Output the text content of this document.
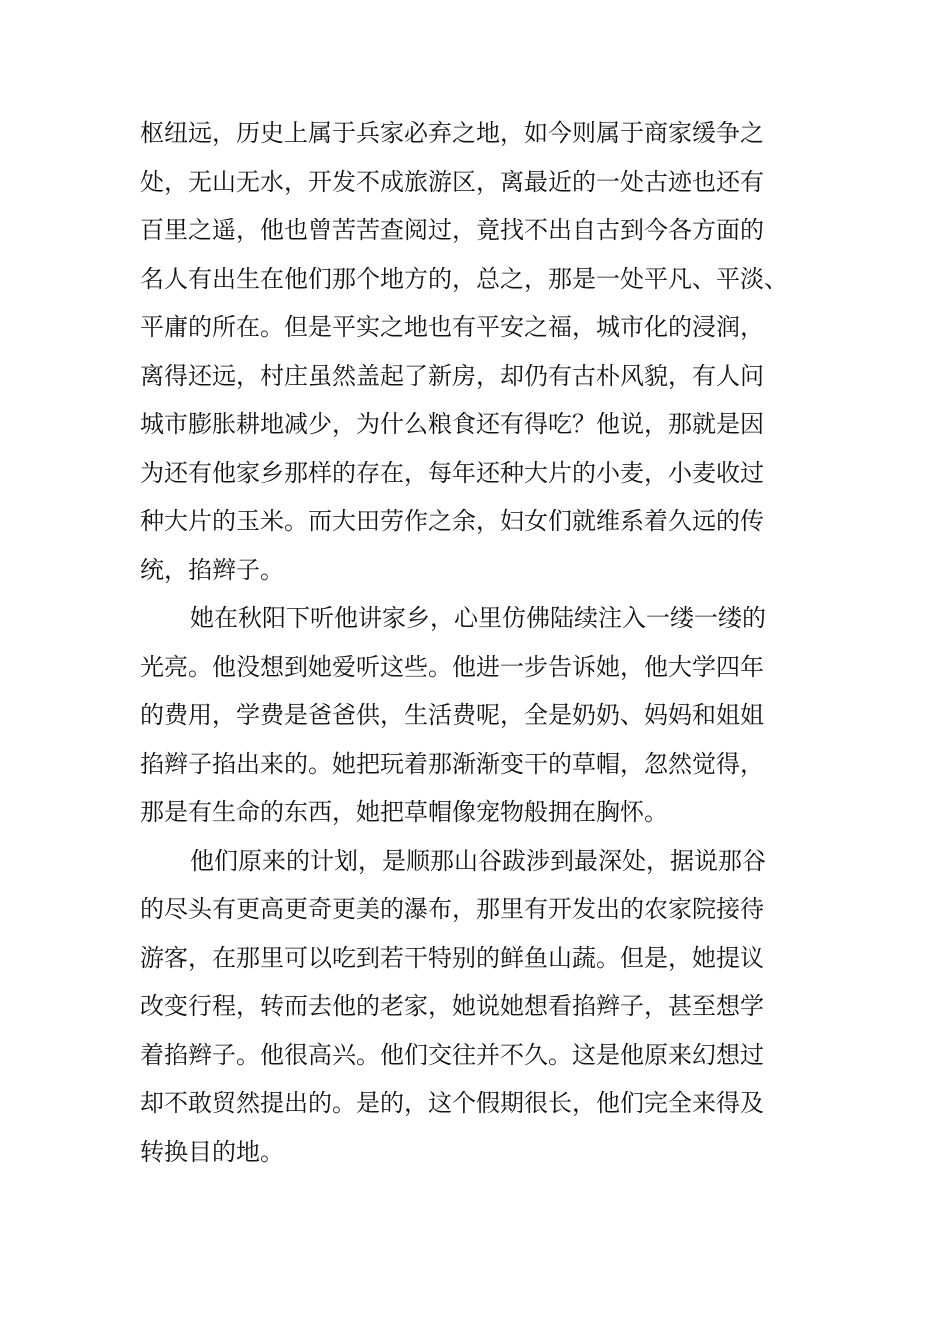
枢纽远，历史上属于兵家必弃之地，如今则属于商家缓争之
处，无山无水，开发不成旅游区，离最近的一处古迹也还有
百里之遥，他也曾苦苦查阅过，竟找不出自古到今各方面的
名人有出生在他们那个地方的，总之，那是一处平凡、平淡、
平庸的所在。但是平实之地也有平安之福，城市化的浸润，
离得还远，村庄虽然盖起了新房，却仍有古朴风貌，有人问
城市膨胀耕地减少，为什么粮食还有得吃？他说，那就是因
为还有他家乡那样的存在，每年还种大片的小麦，小麦收过
种大片的玉米。而大田劳作之余，妇女们就维系着久远的传
统，掐辫子。
她在秋阳下听他讲家乡，心里仿佛陆续注入一缕一缕的
光亮。他没想到她爱听这些。他进一步告诉她，他大学四年
的费用，学费是爸爸供，生活费呢，全是奶奶、妈妈和姐姐
掐辫子掐出来的。她把玩着那渐渐变干的草帽，忽然觉得，
那是有生命的东西，她把草帽像宠物般拥在胸怀。
他们原来的计划，是顺那山谷跋涉到最深处，据说那谷
的尽头有更高更奇更美的瀑布，那里有开发出的农家院接待
游客，在那里可以吃到若干特别的鲜鱼山蔬。但是，她提议
改变行程，转而去他的老家，她说她想看掐辫子，甚至想学
着掐辫子。他很高兴。他们交往并不久。这是他原来幻想过
却不敢贸然提出的。是的，这个假期很长，他们完全来得及
转换目的地。
